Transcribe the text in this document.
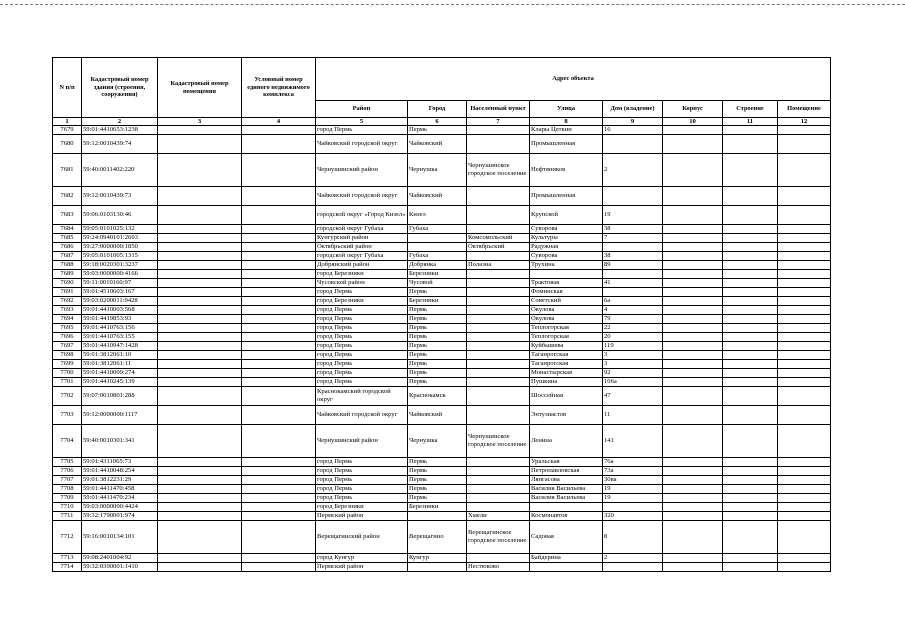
N п/п	Кадастровый номер здания (строения, сооружения)	Кадастровый номер помещения	Условный номер единого недвижимого комплекса	Адрес объекта							
				Район	Город	Населенный пункт	Улица	Дом (владение)	Корпус	Строение	Помещение
1	2	3	4	5	6	7	8	9	10	11	12
7679	59:01:4410653:1238			город Пермь	Пермь		Клары Цеткин	16			
7680	59:12:0010439:74			Чайковский городской округ	Чайковский		Промышленная				
7681	59:40:0011402:220			Чернушинский район	Чернушка	Чернушинское городское поселение	Нефтяников	2			
7682	59:12:0010439:73			Чайковский городской округ	Чайковский		Промышленная				
7683	59:06:0103130:46			городской округ «Город Кизел»	Кизел		Крупской	19			
7684	59:05:0101025:132			городской округ Губаха	Губаха		Суворова	38			
7685	59:24:0940101:2603			Кунгурский район		Комсомольский	Культуры	7			
7686	59:27:0000000:1850			Октябрьский район		Октябрьский	Радужная				
7687	59:05:0101005:1315			городской округ Губаха	Губаха		Суворова	38			
7688	59:18:0020301:3237			Добрянский район	Добрянка	Полазна	Трухина	89			
7689	59:03:0000000:4166			город Березники	Березники						
7690	59:11:0010160:97			Чусовской район	Чусовой		Трактовая	41			
7691	59:01:4510603:167			город Пермь	Пермь		Фоминская				
7692	59:03:0200011:9428			город Березники	Березники		Советский	6а			
7693	59:01:4410003:568			город Пермь	Пермь		Окулова	4			
7694	59:01:4419853:93			город Пермь	Пермь		Окулова	79			
7695	59:01:4410763:156			город Пермь	Пермь		Теплогорская	22			
7696	59:01:4410763:155			город Пермь	Пермь		Теплогорская	20			
7697	59:01:4410947:1428			город Пермь	Пермь		Куйбышева	119			
7698	59:01:3812061:10			город Пермь	Пермь		Таганрогская	3			
7699	59:01:3812061:11			город Пермь	Пермь		Таганрогская	3			
7700	59:01:4410009:274			город Пермь	Пермь		Монастырская	92			
7701	59:01:4410245:139			город Пермь	Пермь		Пушкина	106а			
7702	59:07:0010801:288			Краснокамский городской округ	Краснокамск		Шоссейная	47			
7703	59:12:0000000:1117			Чайковский городской округ	Чайковский		Энтузиастов	11			
7704	59:40:0010301:341			Чернушинский район	Чернушка	Чернушинское городское поселение	Ленина	141			
7705	59:01:4311065:73			город Пермь	Пермь		Уральская	76а			
7706	59:01:4410048:254			город Пермь	Пермь		Петропавловская	73а			
7707	59:01:3812231:29			город Пермь	Пермь		Лянгасова	30ва			
7708	59:01:4411470:458			город Пермь	Пермь		Василия Васильева	19			
7709	59:01:4411470:234			город Пермь	Пермь		Василия Васильева	19			
7710	59:03:0000000:4424			город Березники	Березники						
7711	59:32:1790001:974			Пермский район		Хмели	Космонавтов	320			
7712	59:16:0010134:101			Верещагинский район	Верещагино	Верещагинское городское поселение	Садовая	8			
7713	59:08:2401004:92			город Кунгур	Кунгур		Байдерина	2			
7714	59:32:0390001:1410			Пермский район		Нестюково					
